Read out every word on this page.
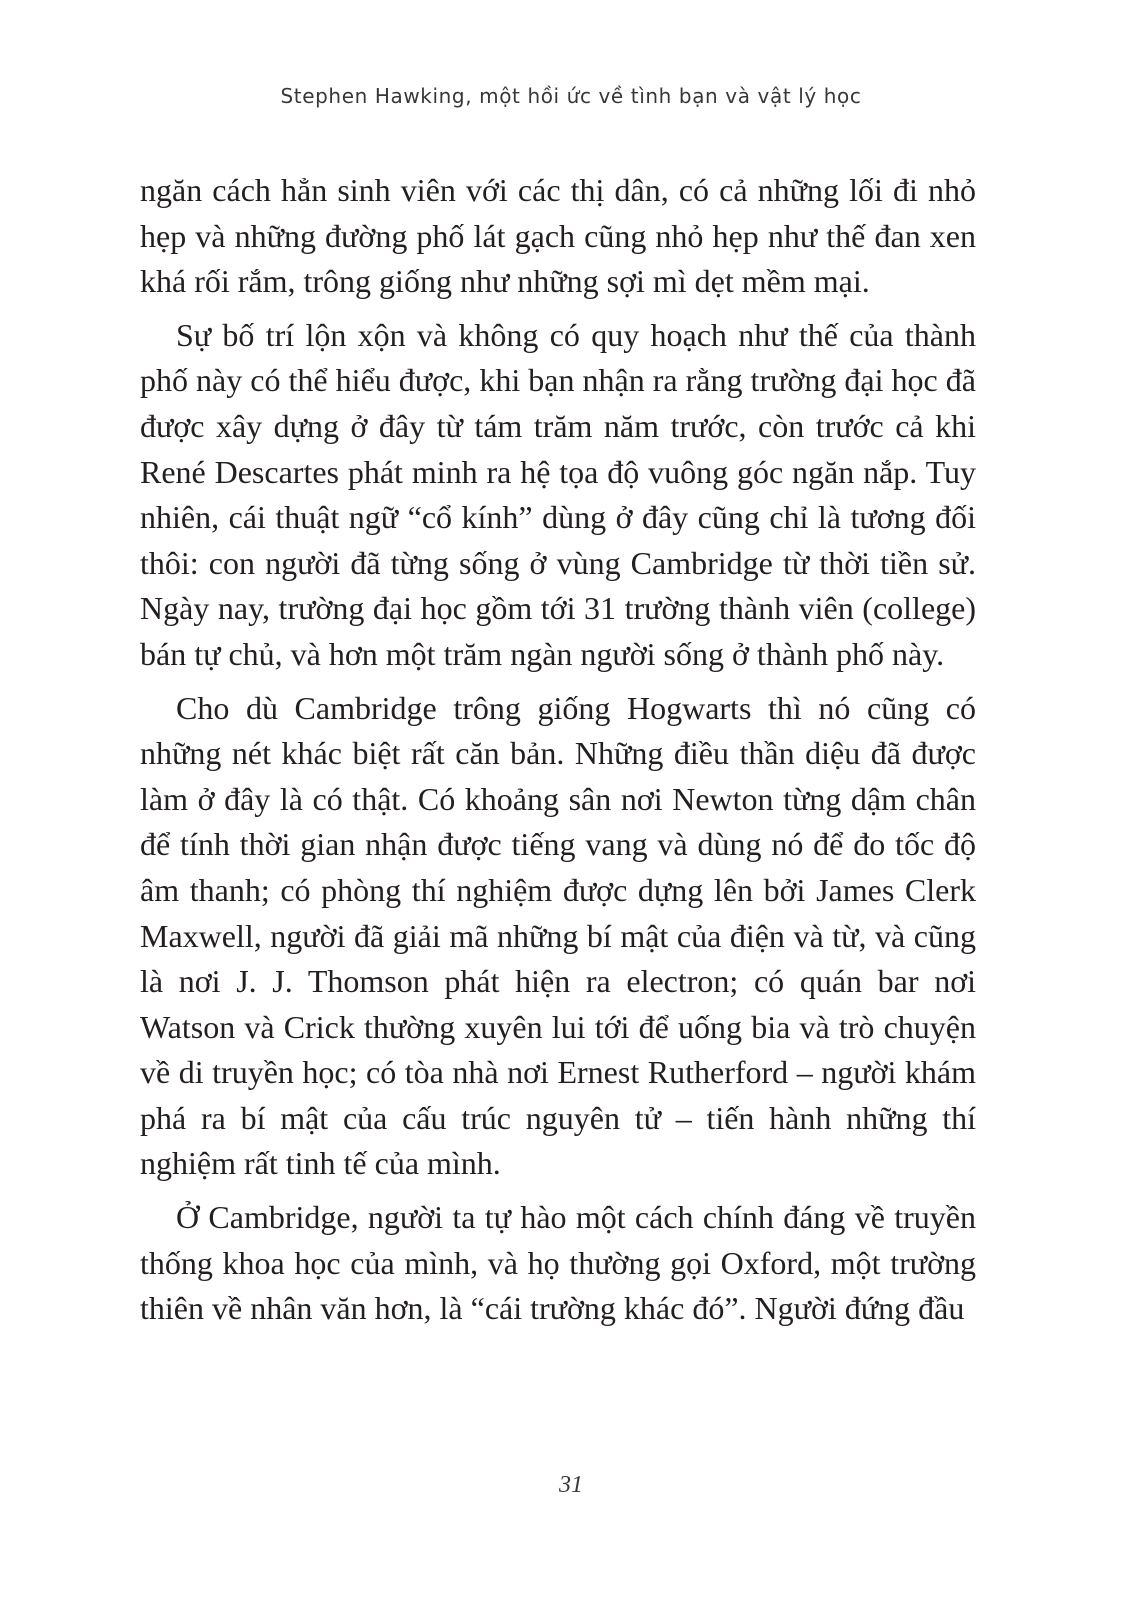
Stephen Hawking, một hồi ức về tình bạn và vật lý học

ngăn cách hẳn sinh viên với các thị dân, có cả những lối đi nhỏ hẹp và những đường phố lát gạch cũng nhỏ hẹp như thế đan xen khá rối rắm, trông giống như những sợi mì dẹt mềm mại.

Sự bố trí lộn xộn và không có quy hoạch như thế của thành phố này có thể hiểu được, khi bạn nhận ra rằng trường đại học đã được xây dựng ở đây từ tám trăm năm trước, còn trước cả khi René Descartes phát minh ra hệ tọa độ vuông góc ngăn nắp. Tuy nhiên, cái thuật ngữ “cổ kính” dùng ở đây cũng chỉ là tương đối thôi: con người đã từng sống ở vùng Cambridge từ thời tiền sử. Ngày nay, trường đại học gồm tới 31 trường thành viên (college) bán tự chủ, và hơn một trăm ngàn người sống ở thành phố này.

Cho dù Cambridge trông giống Hogwarts thì nó cũng có những nét khác biệt rất căn bản. Những điều thần diệu đã được làm ở đây là có thật. Có khoảng sân nơi Newton từng dậm chân để tính thời gian nhận được tiếng vang và dùng nó để đo tốc độ âm thanh; có phòng thí nghiệm được dựng lên bởi James Clerk Maxwell, người đã giải mã những bí mật của điện và từ, và cũng là nơi J. J. Thomson phát hiện ra electron; có quán bar nơi Watson và Crick thường xuyên lui tới để uống bia và trò chuyện về di truyền học; có tòa nhà nơi Ernest Rutherford – người khám phá ra bí mật của cấu trúc nguyên tử – tiến hành những thí nghiệm rất tinh tế của mình.

Ở Cambridge, người ta tự hào một cách chính đáng về truyền thống khoa học của mình, và họ thường gọi Oxford, một trường thiên về nhân văn hơn, là “cái trường khác đó”. Người đứng đầu

31
